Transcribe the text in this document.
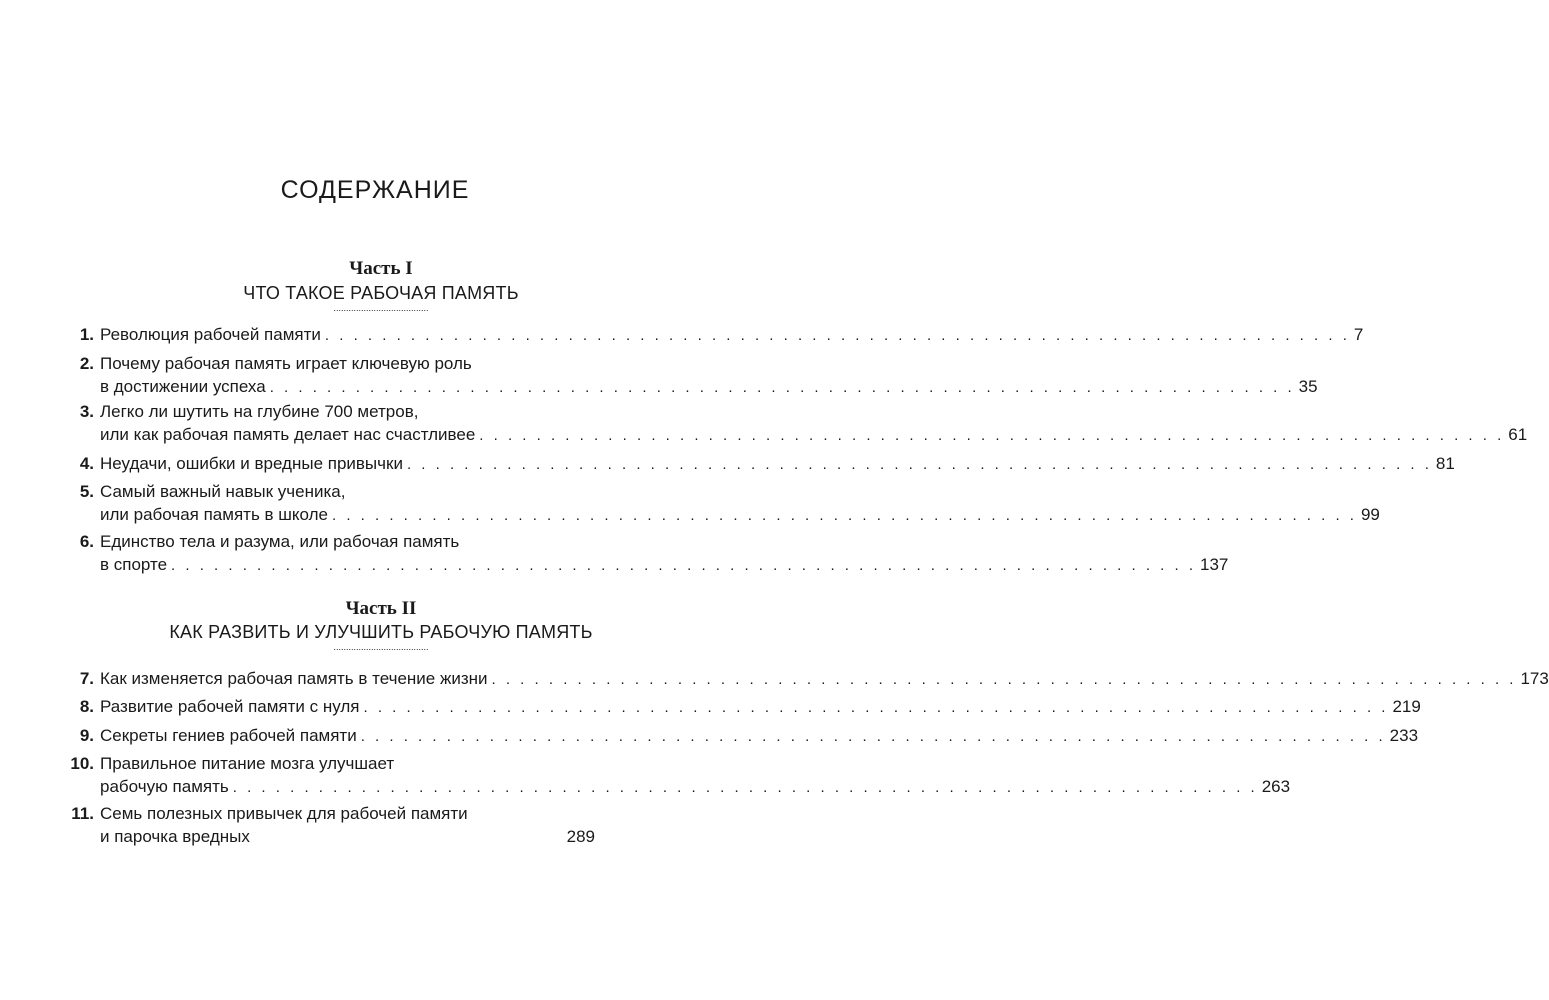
СОДЕРЖАНИЕ
Часть I
ЧТО ТАКОЕ РАБОЧАЯ ПАМЯТЬ
......................................
1. Революция рабочей памяти . . . . . . . . . . . . . . . . . . . . . . . . . . . . . . . . . . . . . . . . . . . . . . . . . . . . . . . . . . . . . . . . . . . . . . . . 7
2. Почему рабочая память играет ключевую роль
в достижении успеха . . . . . . . . . . . . . . . . . . . . . . . . . . . . . . . . . . . . . . . . . . . . . . . . . . . . . . . . . . . . . . . . . . . . . . . . 35
3. Легко ли шутить на глубине 700 метров,
или как рабочая память делает нас счастливее . . . . . . . . . . . . . . . . . . . . . . . . . . . . . . . . . . . . . . . . . . . . . . . . . . . . . . . . . . . . . . . . . . . . . . . . 61
4. Неудачи, ошибки и вредные привычки . . . . . . . . . . . . . . . . . . . . . . . . . . . . . . . . . . . . . . . . . . . . . . . . . . . . . . . . . . . . . . . . . . . . . . . . 81
5. Самый важный навык ученика,
или рабочая память в школе . . . . . . . . . . . . . . . . . . . . . . . . . . . . . . . . . . . . . . . . . . . . . . . . . . . . . . . . . . . . . . . . . . . . . . . . 99
6. Единство тела и разума, или рабочая память
в спорте . . . . . . . . . . . . . . . . . . . . . . . . . . . . . . . . . . . . . . . . . . . . . . . . . . . . . . . . . . . . . . . . . . . . . . . . 137
Часть II
КАК РАЗВИТЬ И УЛУЧШИТЬ РАБОЧУЮ ПАМЯТЬ
......................................
7. Как изменяется рабочая память в течение жизни . . . . . . . . . . . . . . . . . . . . . . . . . . . . . . . . . . . . . . . . . . . . . . . . . . . . . . . . . . . . . . . . . . . . . . . . 173
8. Развитие рабочей памяти с нуля . . . . . . . . . . . . . . . . . . . . . . . . . . . . . . . . . . . . . . . . . . . . . . . . . . . . . . . . . . . . . . . . . . . . . . . . 219
9. Секреты гениев рабочей памяти . . . . . . . . . . . . . . . . . . . . . . . . . . . . . . . . . . . . . . . . . . . . . . . . . . . . . . . . . . . . . . . . . . . . . . . . 233
10. Правильное питание мозга улучшает
рабочую память . . . . . . . . . . . . . . . . . . . . . . . . . . . . . . . . . . . . . . . . . . . . . . . . . . . . . . . . . . . . . . . . . . . . . . . . 263
11. Семь полезных привычек для рабочей памяти
и парочка вредных	289
